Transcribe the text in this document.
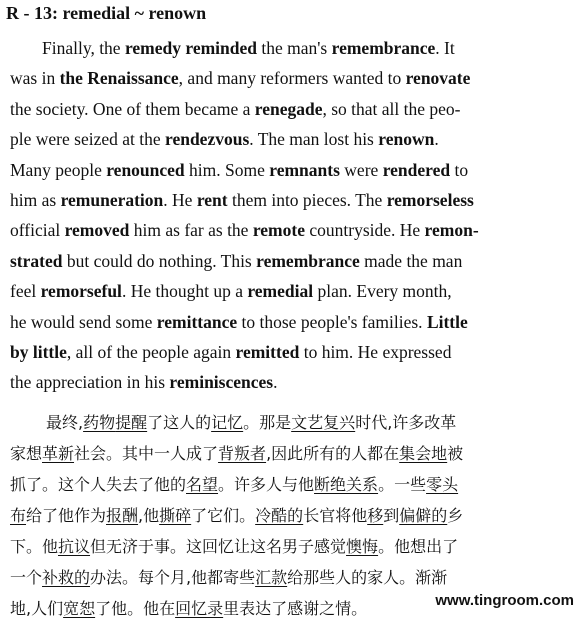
R - 13: remedial ~ renown
Finally, the remedy reminded the man's remembrance. It
was in the Renaissance, and many reformers wanted to renovate
the society. One of them became a renegade, so that all the peo-
ple were seized at the rendezvous. The man lost his renown.
Many people renounced him. Some remnants were rendered to
him as remuneration. He rent them into pieces. The remorseless
official removed him as far as the remote countryside. He remon-
strated but could do nothing. This remembrance made the man
feel remorseful. He thought up a remedial plan. Every month,
he would send some remittance to those people's families. Little
by little, all of the people again remitted to him. He expressed
the appreciation in his reminiscences.
最终,药物提醒了这人的记忆。那是文艺复兴时代,许多改革
家想革新社会。其中一人成了背叛者,因此所有的人都在集会地被
抓了。这个人失去了他的名望。许多人与他断绝关系。一些零头
布给了他作为报酬,他撕碎了它们。冷酷的长官将他移到偏僻的乡
下。他抗议但无济于事。这回忆让这名男子感觉懊悔。他想出了
一个补救的办法。每个月,他都寄些汇款给那些人的家人。渐渐
地,人们宽恕了他。他在回忆录里表达了感谢之情。	www.tingroom.com
